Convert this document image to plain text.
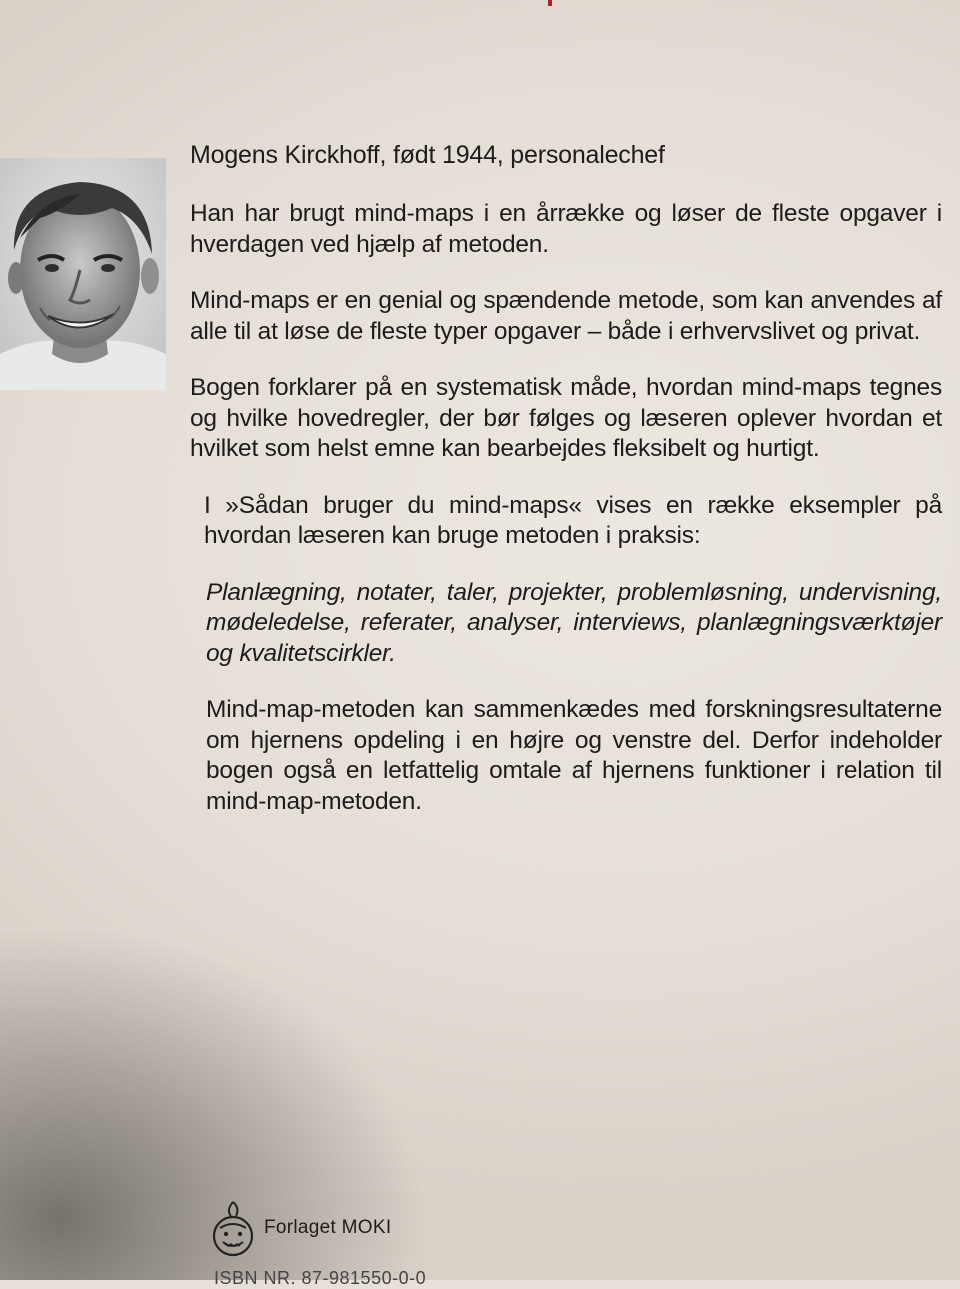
Mogens Kirckhoff, født 1944, personalechef

Han har brugt mind-maps i en årrække og løser de fleste opgaver i hverdagen ved hjælp af metoden.

Mind-maps er en genial og spændende metode, som kan anvendes af alle til at løse de fleste typer opgaver – både i erhvervslivet og privat.

Bogen forklarer på en systematisk måde, hvordan mind-maps tegnes og hvilke hovedregler, der bør følges og læseren oplever hvordan et hvilket som helst emne kan bearbejdes fleksibelt og hurtigt.

I »Sådan bruger du mind-maps« vises en række eksempler på hvordan læseren kan bruge metoden i praksis:

Planlægning, notater, taler, projekter, problemløsning, undervisning, mødeledelse, referater, analyser, interviews, planlægningsværktøjer og kvalitetscirkler.

Mind-map-metoden kan sammenkædes med forskningsresultaterne om hjernens opdeling i en højre og venstre del. Derfor indeholder bogen også en letfattelig omtale af hjernens funktioner i relation til mind-map-metoden.

Forlaget MOKI
ISBN NR. 87-981550-0-0
